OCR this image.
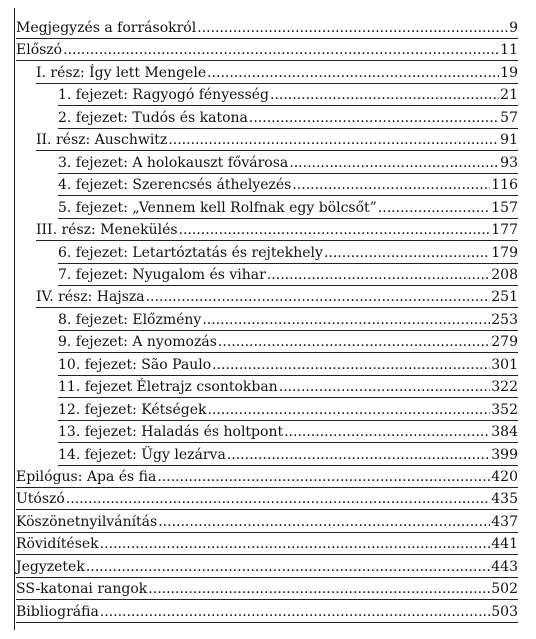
Megjegyzés a forrásokról .....	9
Előszó .....	11
I. rész: Így lett Mengele .....	19
1. fejezet: Ragyogó fényesség .....	21
2. fejezet: Tudós és katona .....	57
II. rész: Auschwitz .....	91
3. fejezet: A holokauszt fővárosa .....	93
4. fejezet: Szerencsés áthelyezés .....	116
5. fejezet: „Vennem kell Rolfnak egy bölcsőt” .....	157
III. rész: Menekülés .....	177
6. fejezet: Letartóztatás és rejtekhely .....	179
7. fejezet: Nyugalom és vihar .....	208
IV. rész: Hajsza .....	251
8. fejezet: Előzmény .....	253
9. fejezet: A nyomozás .....	279
10. fejezet: São Paulo .....	301
11. fejezet Életrajz csontokban .....	322
12. fejezet: Kétségek .....	352
13. fejezet: Haladás és holtpont .....	384
14. fejezet: Ügy lezárva .....	399
Epilógus: Apa és fia .....	420
Utószó .....	435
Köszönetnyilvánítás .....	437
Rövidítések .....	441
Jegyzetek .....	443
SS-katonai rangok .....	502
Bibliográfia .....	503
